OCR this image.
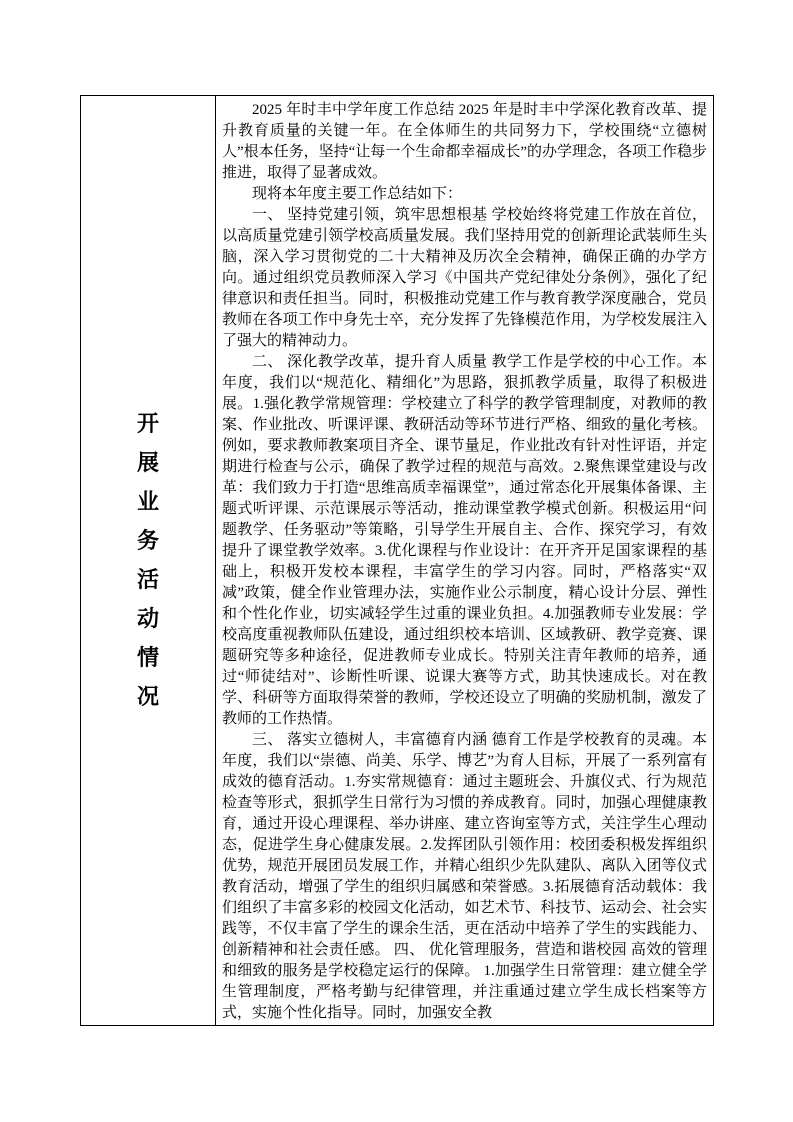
开
展
业
务
活
动
情
况

2025 年时丰中学年度工作总结 2025 年是时丰中学深化教育改革、提升教育质量的关键一年。在全体师生的共同努力下，学校围绕“立德树人”根本任务，坚持“让每一个生命都幸福成长”的办学理念，各项工作稳步推进，取得了显著成效。

现将本年度主要工作总结如下：

一、 坚持党建引领，筑牢思想根基 学校始终将党建工作放在首位，以高质量党建引领学校高质量发展。我们坚持用党的创新理论武装师生头脑，深入学习贯彻党的二十大精神及历次全会精神，确保正确的办学方向。通过组织党员教师深入学习《中国共产党纪律处分条例》，强化了纪律意识和责任担当。同时，积极推动党建工作与教育教学深度融合，党员教师在各项工作中身先士卒，充分发挥了先锋模范作用，为学校发展注入了强大的精神动力。

二、 深化教学改革，提升育人质量 教学工作是学校的中心工作。本年度，我们以“规范化、精细化”为思路，狠抓教学质量，取得了积极进展。1.强化教学常规管理：学校建立了科学的教学管理制度，对教师的教案、作业批改、听课评课、教研活动等环节进行严格、细致的量化考核。例如，要求教师教案项目齐全、课节量足，作业批改有针对性评语，并定期进行检查与公示，确保了教学过程的规范与高效。2.聚焦课堂建设与改革：我们致力于打造“思维高质幸福课堂”，通过常态化开展集体备课、主题式听评课、示范课展示等活动，推动课堂教学模式创新。积极运用“问题教学、任务驱动”等策略，引导学生开展自主、合作、探究学习，有效提升了课堂教学效率。3.优化课程与作业设计：在开齐开足国家课程的基础上，积极开发校本课程，丰富学生的学习内容。同时，严格落实“双减”政策，健全作业管理办法，实施作业公示制度，精心设计分层、弹性和个性化作业，切实减轻学生过重的课业负担。4.加强教师专业发展：学校高度重视教师队伍建设，通过组织校本培训、区域教研、教学竞赛、课题研究等多种途径，促进教师专业成长。特别关注青年教师的培养，通过“师徒结对”、诊断性听课、说课大赛等方式，助其快速成长。对在教学、科研等方面取得荣誉的教师，学校还设立了明确的奖励机制，激发了教师的工作热情。

三、 落实立德树人，丰富德育内涵 德育工作是学校教育的灵魂。本年度，我们以“崇德、尚美、乐学、博艺”为育人目标，开展了一系列富有成效的德育活动。1.夯实常规德育：通过主题班会、升旗仪式、行为规范检查等形式，狠抓学生日常行为习惯的养成教育。同时，加强心理健康教育，通过开设心理课程、举办讲座、建立咨询室等方式，关注学生心理动态，促进学生身心健康发展。2.发挥团队引领作用：校团委积极发挥组织优势，规范开展团员发展工作，并精心组织少先队建队、离队入团等仪式教育活动，增强了学生的组织归属感和荣誉感。3.拓展德育活动载体：我们组织了丰富多彩的校园文化活动，如艺术节、科技节、运动会、社会实践等，不仅丰富了学生的课余生活，更在活动中培养了学生的实践能力、创新精神和社会责任感。 四、 优化管理服务，营造和谐校园 高效的管理和细致的服务是学校稳定运行的保障。 1.加强学生日常管理：建立健全学生管理制度，严格考勤与纪律管理，并注重通过建立学生成长档案等方式，实施个性化指导。同时，加强安全教
